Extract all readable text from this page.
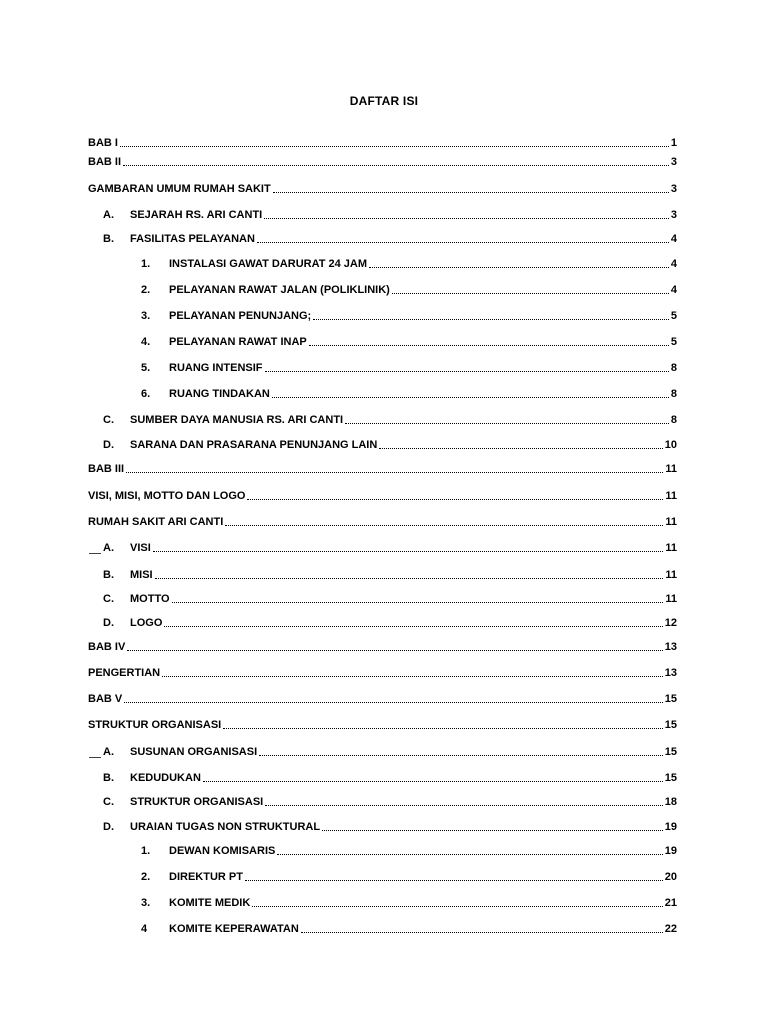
DAFTAR ISI
BAB I	1
BAB II	3
GAMBARAN UMUM RUMAH SAKIT	3
A.	SEJARAH RS. ARI CANTI	3
B.	FASILITAS PELAYANAN	4
1.	INSTALASI GAWAT DARURAT 24 JAM	4
2.	PELAYANAN RAWAT JALAN (POLIKLINIK)	4
3.	PELAYANAN PENUNJANG;	5
4.	PELAYANAN RAWAT INAP	5
5.	RUANG INTENSIF	8
6.	RUANG TINDAKAN	8
C.	SUMBER DAYA MANUSIA RS. ARI CANTI	8
D.	SARANA DAN PRASARANA PENUNJANG LAIN	10
BAB III	11
VISI, MISI, MOTTO DAN LOGO	11
RUMAH SAKIT ARI CANTI	11
A.	VISI	11
B.	MISI	11
C.	MOTTO	11
D.	LOGO	12
BAB IV	13
PENGERTIAN	13
BAB V	15
STRUKTUR ORGANISASI	15
A.	SUSUNAN ORGANISASI	15
B.	KEDUDUKAN	15
C.	STRUKTUR ORGANISASI	18
D.	URAIAN TUGAS NON STRUKTURAL	19
1.	DEWAN KOMISARIS	19
2.	DIREKTUR PT	20
3.	KOMITE MEDIK	21
4	KOMITE KEPERAWATAN	22
